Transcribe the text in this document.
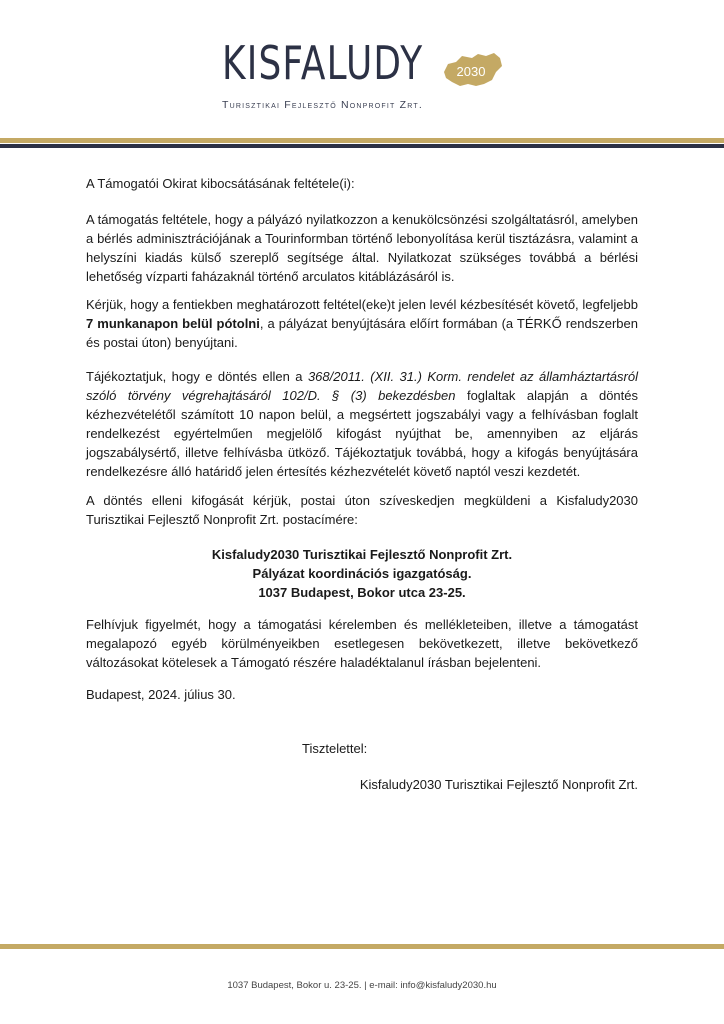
KISFALUDY	2030
Turisztikai Fejlesztő Nonprofit Zrt.

A Támogatói Okirat kibocsátásának feltétele(i):

A támogatás feltétele, hogy a pályázó nyilatkozzon a kenukölcsönzési szolgáltatásról, amelyben a bérlés adminisztrációjának a Tourinformban történő lebonyolítása kerül tisztázásra, valamint a helyszíni kiadás külső szereplő segítsége által. Nyilatkozat szükséges továbbá a bérlési lehetőség vízparti faházaknál történő arculatos kitáblázásáról is.

Kérjük, hogy a fentiekben meghatározott feltétel(eke)t jelen levél kézbesítését követő, legfeljebb 7 munkanapon belül pótolni, a pályázat benyújtására előírt formában (a TÉRKŐ rendszerben és postai úton) benyújtani.

Tájékoztatjuk, hogy e döntés ellen a 368/2011. (XII. 31.) Korm. rendelet az államháztartásról szóló törvény végrehajtásáról 102/D. § (3) bekezdésben foglaltak alapján a döntés kézhezvételétől számított 10 napon belül, a megsértett jogszabályi vagy a felhívásban foglalt rendelkezést egyértelműen megjelölő kifogást nyújthat be, amennyiben az eljárás jogszabálysértő, illetve felhívásba ütköző. Tájékoztatjuk továbbá, hogy a kifogás benyújtására rendelkezésre álló határidő jelen értesítés kézhezvételét követő naptól veszi kezdetét.

A döntés elleni kifogását kérjük, postai úton szíveskedjen megküldeni a Kisfaludy2030 Turisztikai Fejlesztő Nonprofit Zrt. postacímére:

Kisfaludy2030 Turisztikai Fejlesztő Nonprofit Zrt.
Pályázat koordinációs igazgatóság.
1037 Budapest, Bokor utca 23-25.

Felhívjuk figyelmét, hogy a támogatási kérelemben és mellékleteiben, illetve a támogatást megalapozó egyéb körülményeikben esetlegesen bekövetkezett, illetve bekövetkező változásokat kötelesek a Támogató részére haladéktalanul írásban bejelenteni.

Budapest, 2024. július 30.
Tisztelettel:
Kisfaludy2030 Turisztikai Fejlesztő Nonprofit Zrt.
1037 Budapest, Bokor u. 23-25. | e-mail: info@kisfaludy2030.hu
